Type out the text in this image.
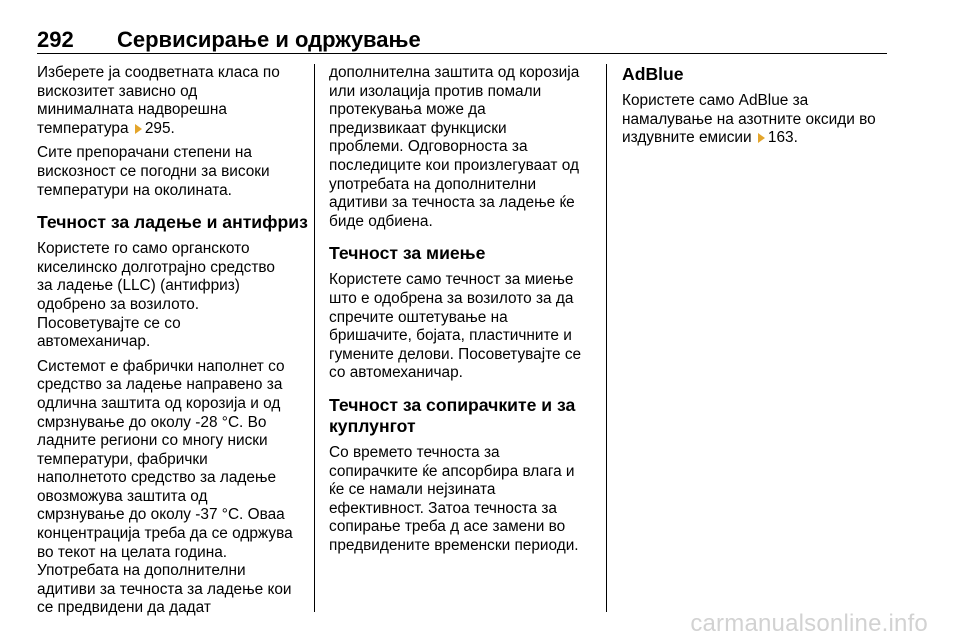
292 Сервисирање и одржување
Изберете ја соодветната класа по
вискозитет зависно од
минималната надворешна
температура 295.
Сите препорачани степени на
вискозност се погодни за високи
температури на околината.
Течност за ладење и антифриз
Користете го само органското
киселинско долготрајно средство
за ладење (LLC) (антифриз)
одобрено за возилото.
Посоветувајте се со
автомеханичар.
Системот е фабрички наполнет со
средство за ладење направено за
одлична заштита од корозија и од
смрзнување до околу -28 °C. Во
ладните региони со многу ниски
температури, фабрички
наполнетото средство за ладење
овозможува заштита од
смрзнување до околу -37 °C. Оваа
концентрација треба да се одржува
во текот на целата година.
Употребата на дополнителни
адитиви за течноста за ладење кои
се предвидени да дадат
дополнителна заштита од корозија
или изолација против помали
протекувања може да
предизвикаат функциски
проблеми. Одговорноста за
последиците кои произлегуваат од
употребата на дополнителни
адитиви за течноста за ладење ќе
биде одбиена.
Течност за миење
Користете само течност за миење
што е одобрена за возилото за да
спречите оштетување на
бришачите, бојата, пластичните и
гумените делови. Посоветувајте се
со автомеханичар.
Течност за сопирачките и за
куплунгот
Со времето течноста за
сопирачките ќе апсорбира влага и
ќе се намали нејзината
ефективност. Затоа течноста за
сопирање треба д асе замени во
предвидените временски периоди.
AdBlue
Користете само AdBlue за
намалување на азотните оксиди во
издувните емисии 163.
carmanualsonline.info
